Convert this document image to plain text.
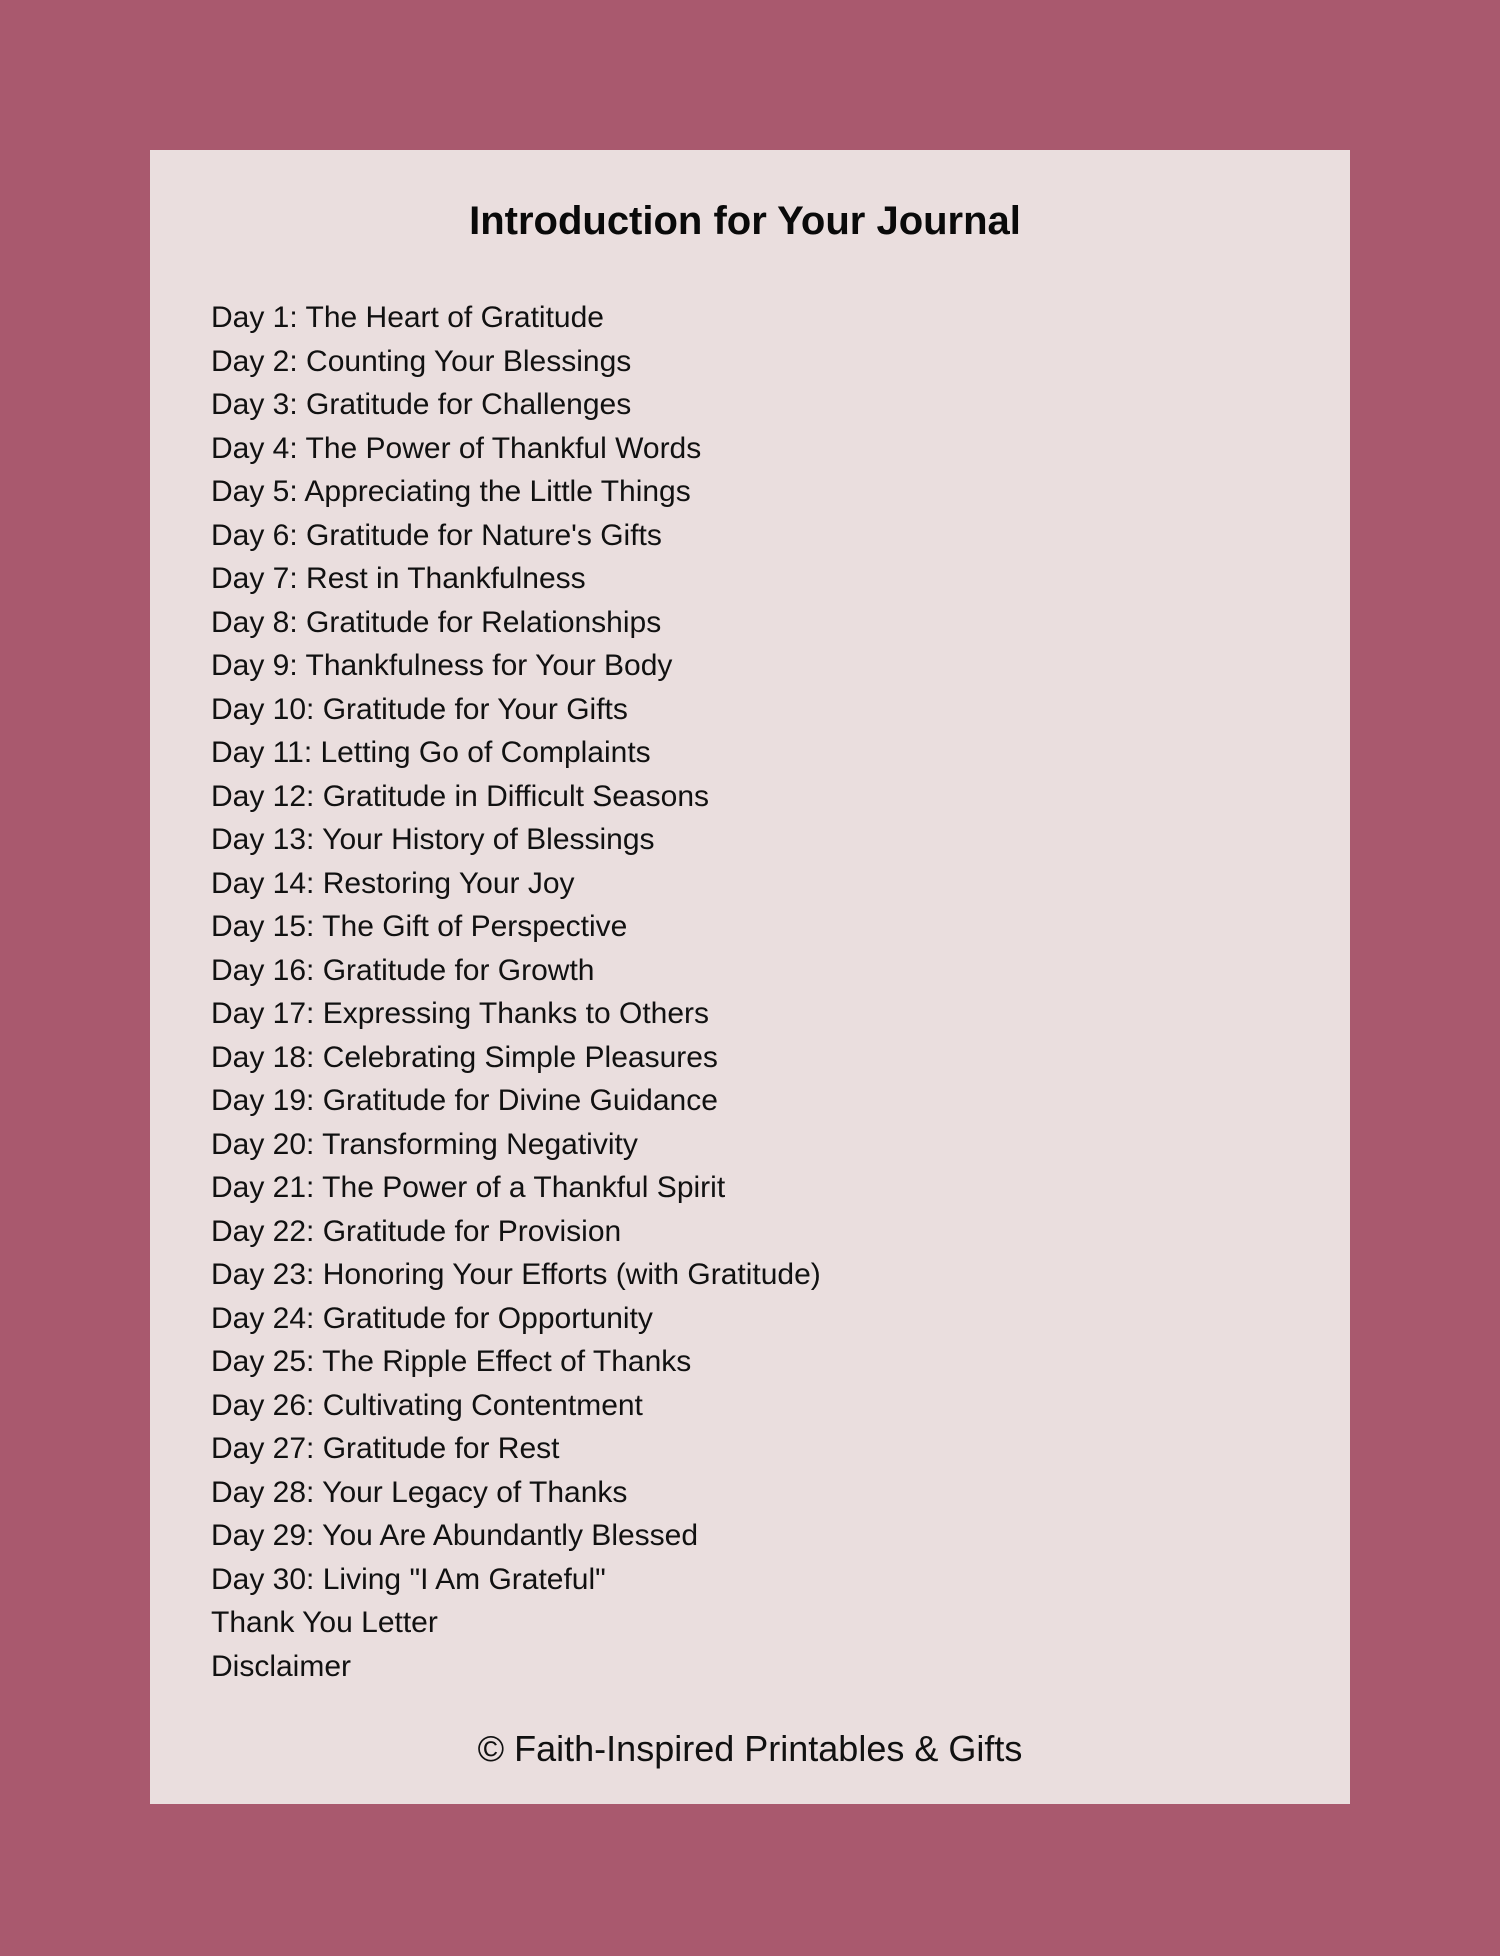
Introduction for Your Journal
Day 1: The Heart of Gratitude
Day 2: Counting Your Blessings
Day 3: Gratitude for Challenges
Day 4: The Power of Thankful Words
Day 5: Appreciating the Little Things
Day 6: Gratitude for Nature's Gifts
Day 7: Rest in Thankfulness
Day 8: Gratitude for Relationships
Day 9: Thankfulness for Your Body
Day 10: Gratitude for Your Gifts
Day 11: Letting Go of Complaints
Day 12: Gratitude in Difficult Seasons
Day 13: Your History of Blessings
Day 14: Restoring Your Joy
Day 15: The Gift of Perspective
Day 16: Gratitude for Growth
Day 17: Expressing Thanks to Others
Day 18: Celebrating Simple Pleasures
Day 19: Gratitude for Divine Guidance
Day 20: Transforming Negativity
Day 21: The Power of a Thankful Spirit
Day 22: Gratitude for Provision
Day 23: Honoring Your Efforts (with Gratitude)
Day 24: Gratitude for Opportunity
Day 25: The Ripple Effect of Thanks
Day 26: Cultivating Contentment
Day 27: Gratitude for Rest
Day 28: Your Legacy of Thanks
Day 29: You Are Abundantly Blessed
Day 30: Living "I Am Grateful"
Thank You Letter
Disclaimer

© Faith-Inspired Printables & Gifts
